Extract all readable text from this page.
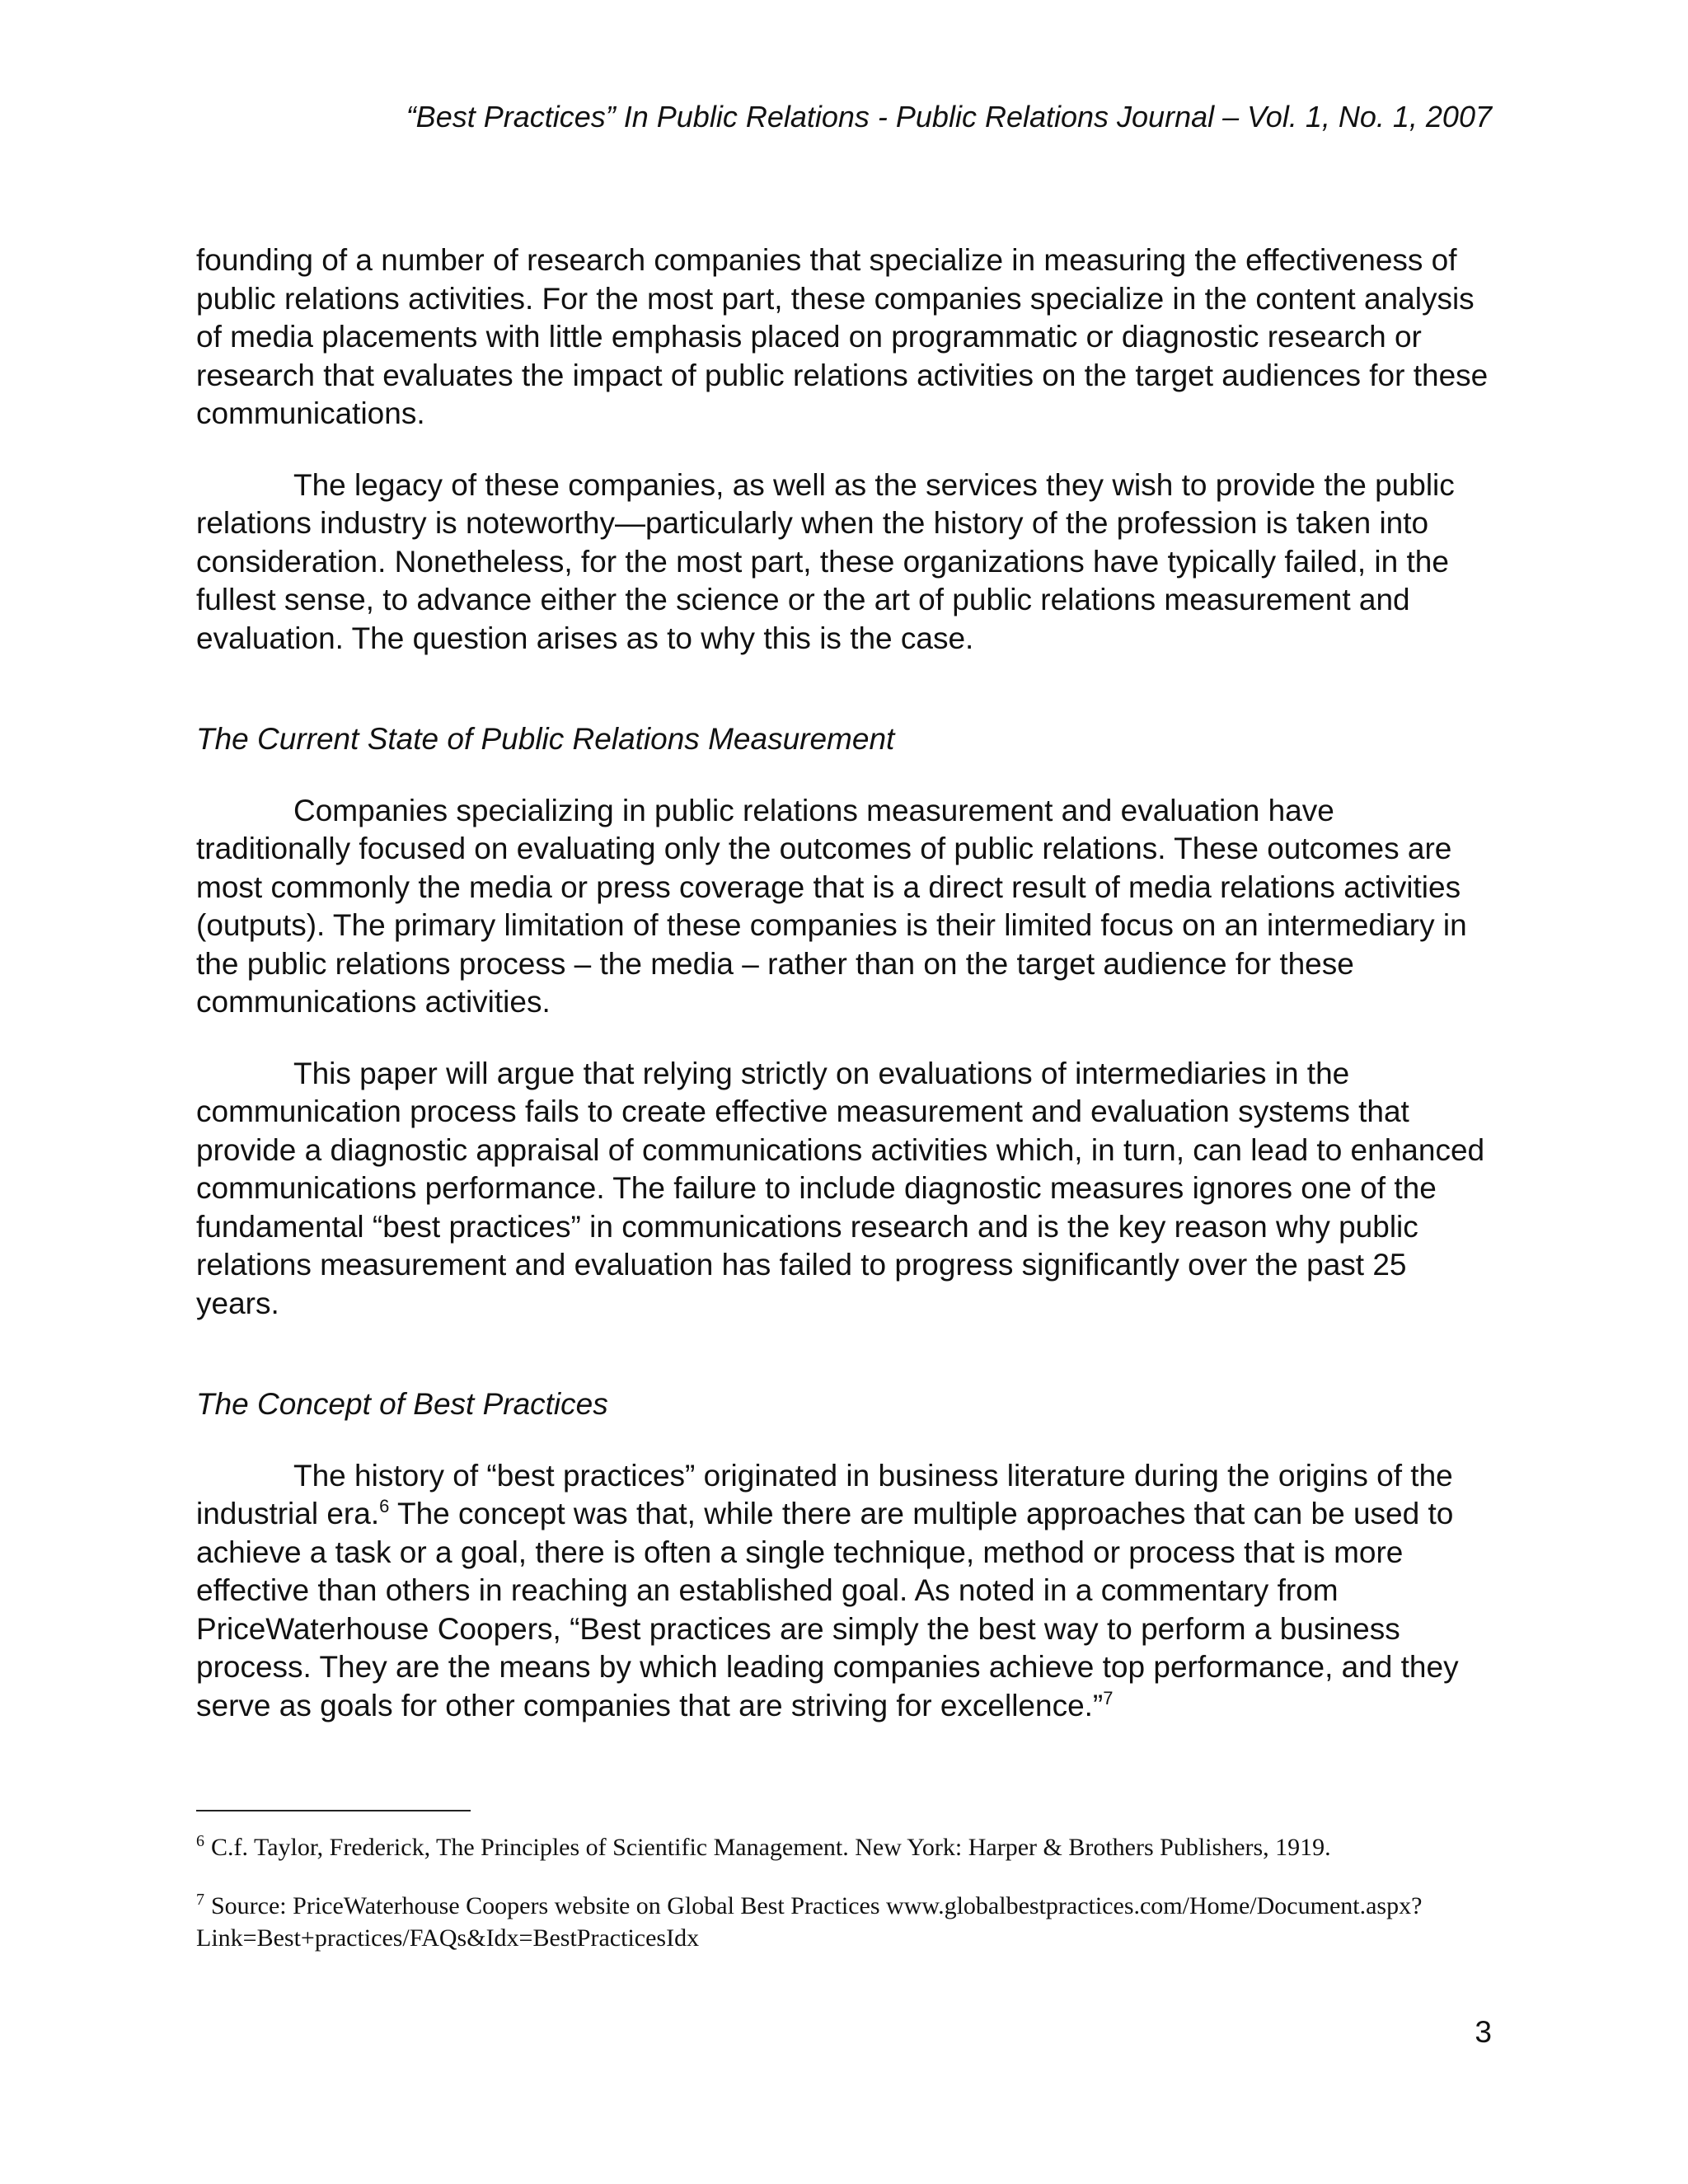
“Best Practices” In Public Relations - Public Relations Journal – Vol. 1, No. 1, 2007

founding of a number of research companies that specialize in measuring the effectiveness of public relations activities. For the most part, these companies specialize in the content analysis of media placements with little emphasis placed on programmatic or diagnostic research or research that evaluates the impact of public relations activities on the target audiences for these communications.

The legacy of these companies, as well as the services they wish to provide the public relations industry is noteworthy—particularly when the history of the profession is taken into consideration. Nonetheless, for the most part, these organizations have typically failed, in the fullest sense, to advance either the science or the art of public relations measurement and evaluation. The question arises as to why this is the case.

The Current State of Public Relations Measurement

Companies specializing in public relations measurement and evaluation have traditionally focused on evaluating only the outcomes of public relations. These outcomes are most commonly the media or press coverage that is a direct result of media relations activities (outputs). The primary limitation of these companies is their limited focus on an intermediary in the public relations process – the media – rather than on the target audience for these communications activities.

This paper will argue that relying strictly on evaluations of intermediaries in the communication process fails to create effective measurement and evaluation systems that provide a diagnostic appraisal of communications activities which, in turn, can lead to enhanced communications performance. The failure to include diagnostic measures ignores one of the fundamental “best practices” in communications research and is the key reason why public relations measurement and evaluation has failed to progress significantly over the past 25 years.

The Concept of Best Practices

The history of “best practices” originated in business literature during the origins of the industrial era.$^6$ The concept was that, while there are multiple approaches that can be used to achieve a task or a goal, there is often a single technique, method or process that is more effective than others in reaching an established goal. As noted in a commentary from PriceWaterhouse Coopers, “Best practices are simply the best way to perform a business process. They are the means by which leading companies achieve top performance, and they serve as goals for other companies that are striving for excellence.”$^7$

$^6$ C.f. Taylor, Frederick, The Principles of Scientific Management. New York: Harper & Brothers Publishers, 1919.

$^7$ Source: PriceWaterhouse Coopers website on Global Best Practices www.globalbestpractices.com/Home/Document.aspx?Link=Best+practices/FAQs&Idx=BestPracticesIdx

3
